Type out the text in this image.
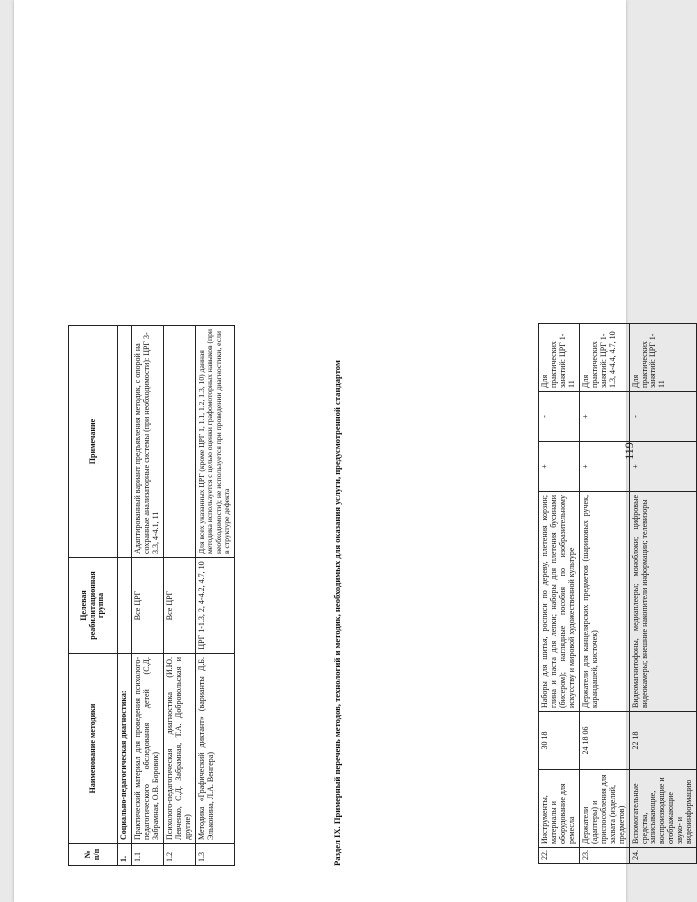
119
22.	Инструменты, материалы и оборудование для ремесла	30 18	Наборы для шитья, росписи по дереву, плетения корзин; глина и паста для лепки; наборы для плетения бусинами (бисером); наглядные пособия по изобразительному искусству и мировой художественной культуре	+	-	Для практических занятий: ЦРГ 1-11
23.	Держатели (адаптеры) и приспособления для захвата (изделий, предметов)	24 18 06	Держатели для канцелярских предметов (шариковых ручек, карандашей, кисточек)	+	+	Для практических занятий: ЦРГ 1-1.3, 4-4.4, 4.7, 10
24.	Вспомогательные средства, записывающие, воспроизводящие и отображающие звуко- и видеоинформацию	22 18	Видеомагнитофоны, медиаплееры; моноблоки; цифровые видеокамеры; внешние накопители информации; телевизоры	+	-	Для практических занятий: ЦРГ 1-11
Раздел IX. Примерный перечень методов, технологий и методик, необходимых для оказания услуги, предусмотренной стандартом
№ п/п	Наименование методики	Целевая реабилитационная группа	Примечание
1.	Социально-педагогическая диагностика:		
1.1	Практический материал для проведения психолого-педагогического обследования детей (С.Д. Забрамная, О.В. Боровик)	Все ЦРГ	Адаптированный вариант предъявления методик, с опорой на сохранные анализаторные системы (при необходимости): ЦРГ 3-3.3, 4-4.1, 11
1.2	Психолого-педагогическая диагностика (И.Ю. Левченко, С.Д. Забрамная, Т.А. Добровольская и другие)	Все ЦРГ	
1.3	Методика «Графический диктант» (варианты Д.Б. Эльконина, Л.А. Венгера)	ЦРГ 1-1.3, 2, 4-4.2, 4.7, 10	Для всех указанных ЦРГ (кроме ЦРГ 1, 1.1, 1.2, 1.3, 10) данная методика используется с целью оценки графомоторных навыков (при необходимости); не используется при проведении диагностики, если в структуре дефекта
